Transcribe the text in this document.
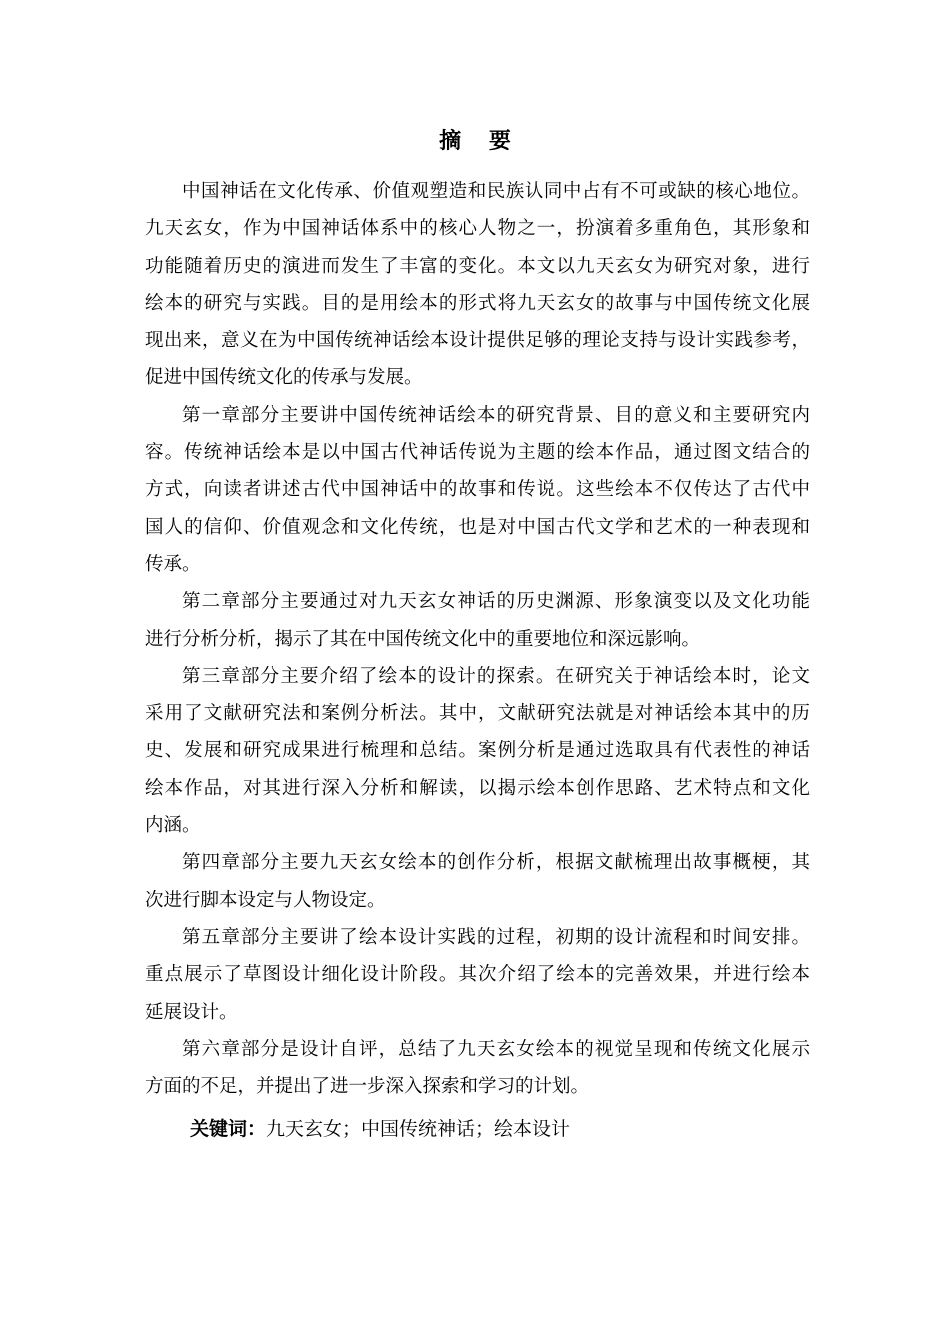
摘 要
中国神话在文化传承、价值观塑造和民族认同中占有不可或缺的核心地位。
九天玄女，作为中国神话体系中的核心人物之一，扮演着多重角色，其形象和
功能随着历史的演进而发生了丰富的变化。本文以九天玄女为研究对象，进行
绘本的研究与实践。目的是用绘本的形式将九天玄女的故事与中国传统文化展
现出来，意义在为中国传统神话绘本设计提供足够的理论支持与设计实践参考，
促进中国传统文化的传承与发展。
第一章部分主要讲中国传统神话绘本的研究背景、目的意义和主要研究内
容。传统神话绘本是以中国古代神话传说为主题的绘本作品，通过图文结合的
方式，向读者讲述古代中国神话中的故事和传说。这些绘本不仅传达了古代中
国人的信仰、价值观念和文化传统，也是对中国古代文学和艺术的一种表现和
传承。
第二章部分主要通过对九天玄女神话的历史渊源、形象演变以及文化功能
进行分析分析，揭示了其在中国传统文化中的重要地位和深远影响。
第三章部分主要介绍了绘本的设计的探索。在研究关于神话绘本时，论文
采用了文献研究法和案例分析法。其中，文献研究法就是对神话绘本其中的历
史、发展和研究成果进行梳理和总结。案例分析是通过选取具有代表性的神话
绘本作品，对其进行深入分析和解读，以揭示绘本创作思路、艺术特点和文化
内涵。
第四章部分主要九天玄女绘本的创作分析，根据文献梳理出故事概梗，其
次进行脚本设定与人物设定。
第五章部分主要讲了绘本设计实践的过程，初期的设计流程和时间安排。
重点展示了草图设计细化设计阶段。其次介绍了绘本的完善效果，并进行绘本
延展设计。
第六章部分是设计自评，总结了九天玄女绘本的视觉呈现和传统文化展示
方面的不足，并提出了进一步深入探索和学习的计划。
关键词：九天玄女；中国传统神话；绘本设计
